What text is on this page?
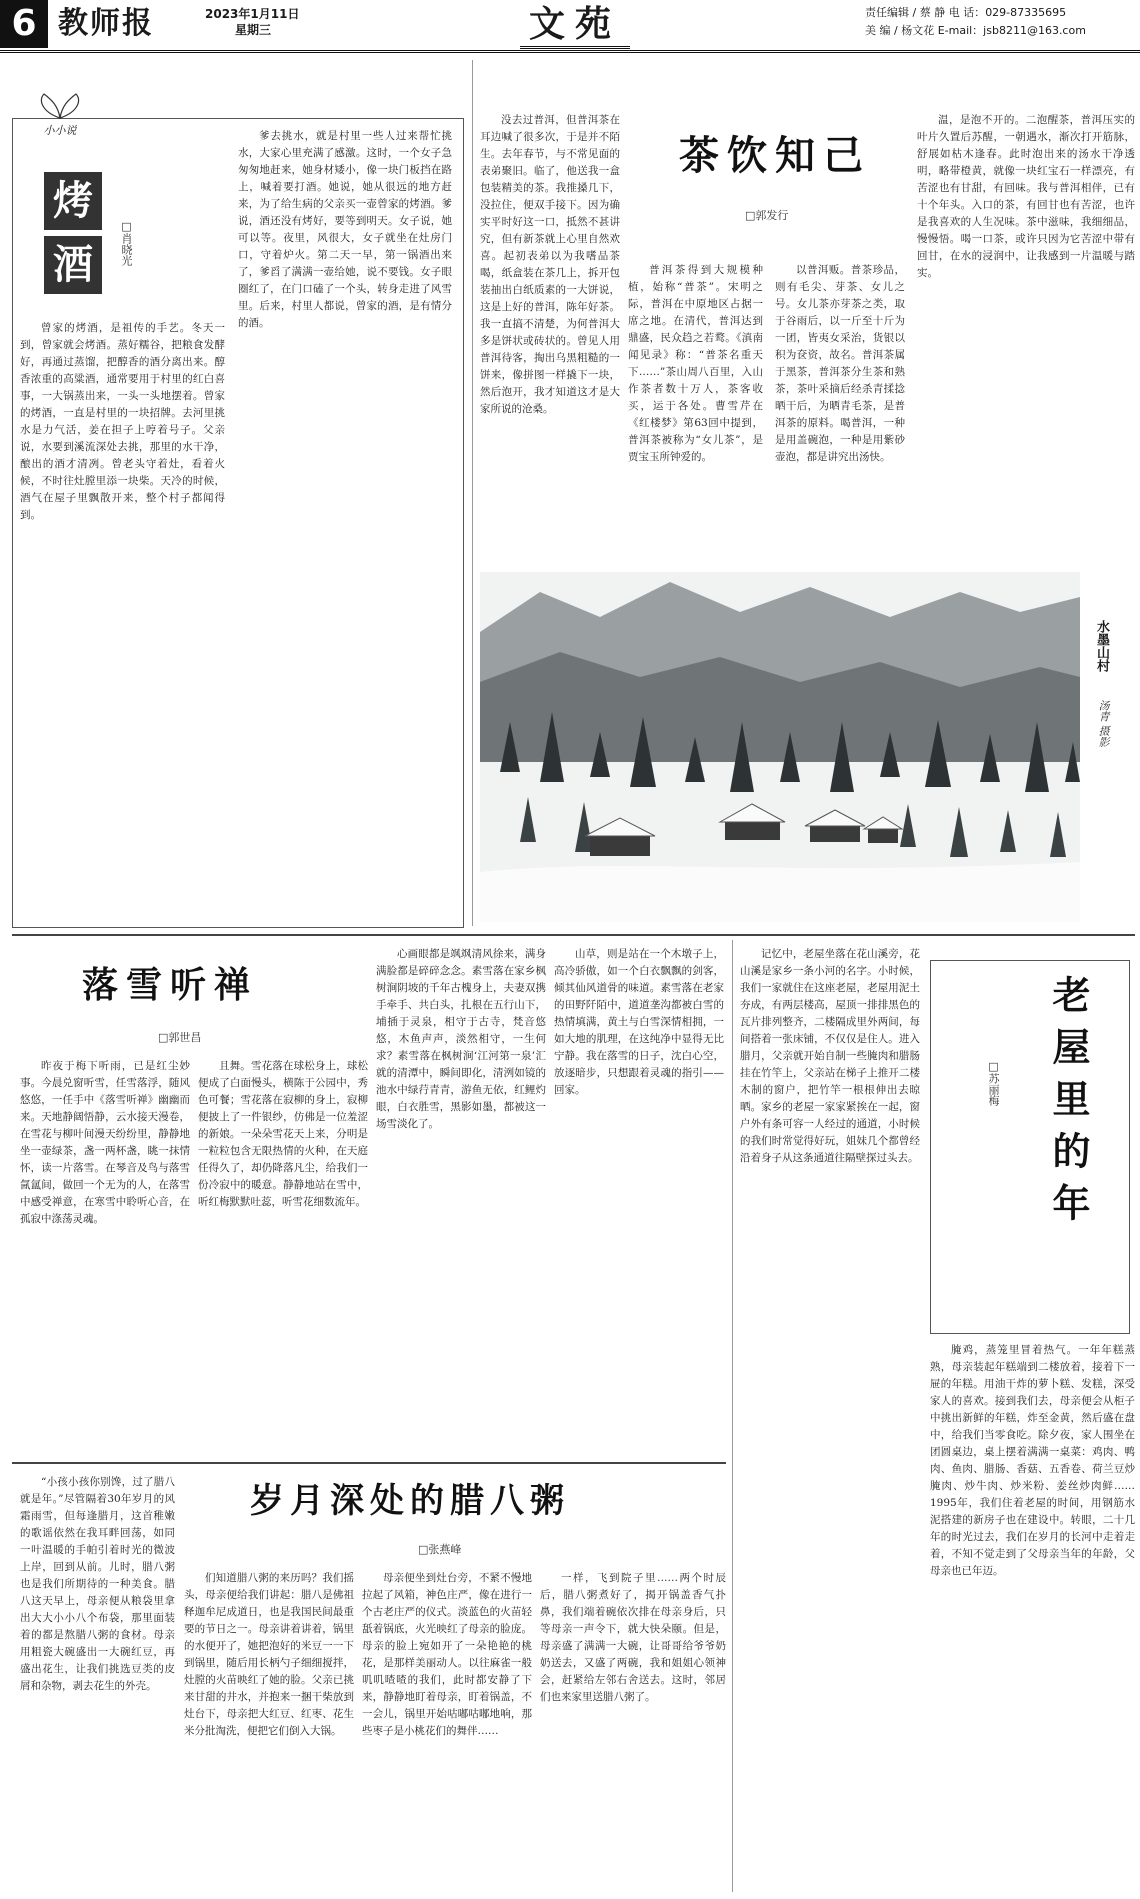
6 教师报	2023年1月11日
星期三	文苑	责任编辑 / 蔡 静 电 话：029-87335695
美 编 / 杨文花 E-mail：jsb8211@163.com
小小说
烤
酒	□肖晓光

曾家的烤酒，是祖传的手艺。冬天一到，曾家就会烤酒。蒸好糯谷，把粮食发酵好，再通过蒸馏，把醇香的酒分离出来。醇香浓重的高粱酒，通常要用于村里的红白喜事，一大锅蒸出来，一头一头地摆着。曾家的烤酒，一直是村里的一块招牌。去河里挑水是力气活，姜在担子上哼着号子。父亲说，水要到溪流深处去挑，那里的水干净，酿出的酒才清冽。曾老头守着灶，看着火候，不时往灶膛里添一块柴。天冷的时候，酒气在屋子里飘散开来，整个村子都闻得到。

爹去挑水，就是村里一些人过来帮忙挑水，大家心里充满了感激。这时，一个女子急匆匆地赶来，她身材矮小，像一块门板挡在路上，喊着要打酒。她说，她从很远的地方赶来，为了给生病的父亲买一壶曾家的烤酒。爹说，酒还没有烤好，要等到明天。女子说，她可以等。夜里，风很大，女子就坐在灶房门口，守着炉火。第二天一早，第一锅酒出来了，爹舀了满满一壶给她，说不要钱。女子眼圈红了，在门口磕了一个头，转身走进了风雪里。后来，村里人都说，曾家的酒，是有情分的酒。

没去过普洱，但普洱茶在耳边喊了很多次，于是并不陌生。去年春节，与不常见面的表弟聚旧。临了，他送我一盒包装精美的茶。我推搡几下，没拉住，便双手接下。因为确实平时好这一口，抵然不甚讲究，但有新茶就上心里自然欢喜。起初表弟以为我嗜品茶喝，纸盒装在茶几上，拆开包装抽出白纸质素的一大饼说，这是上好的普洱，陈年好茶。我一直搞不清楚，为何普洱大多是饼状或砖状的。曾见人用普洱待客，掏出乌黑粗糙的一饼来，像拼图一样撬下一块，然后泡开，我才知道这才是大家所说的沧桑。

茶饮知己
□郭发行

普洱茶得到大规模种植，始称“普茶”。宋明之际，普洱在中原地区占据一席之地。在清代，普洱达到鼎盛，民众趋之若鹜。《滇南闻见录》称：“普茶名重天下……”茶山周八百里，入山作茶者数十万人，茶客收买，运于各处。曹雪芹在《红楼梦》第63回中提到，普洱茶被称为“女儿茶”，是贾宝玉所钟爱的。

以普洱贩。普茶珍品，则有毛尖、芽茶、女儿之号。女儿茶亦芽茶之类，取于谷雨后，以一斤至十斤为一团，皆夷女采治，货银以积为奁资，故名。普洱茶属于黑茶，普洱茶分生茶和熟茶，茶叶采摘后经杀青揉捻晒干后，为晒青毛茶，是普洱茶的原料。喝普洱，一种是用盖碗泡，一种是用紫砂壶泡，都是讲究出汤快。

温，是泡不开的。二泡醒茶，普洱压实的叶片久置后苏醒，一朝遇水，渐次打开筋脉，舒展如枯木逢春。此时泡出来的汤水干净透明，略带橙黄，就像一块红宝石一样漂亮，有苦涩也有甘甜，有回味。我与普洱相伴，已有十个年头。入口的茶，有回甘也有苦涩，也许是我喜欢的人生况味。茶中滋味，我细细品，慢慢悟。喝一口茶，或许只因为它苦涩中带有回甘，在水的浸润中，让我感到一片温暖与踏实。

水墨山村
汤青 摄影
落雪听禅
□郭世昌

昨夜于梅下听雨，已是红尘妙事。今晨兑窗听雪，任雪落浮，随风悠悠，一任手中《落雪听禅》幽幽而来。天地静阔悟静，云水接天漫卷，在雪花与柳叶间漫天纷纷里，静静地坐一壶绿茶，盏一两杯盏，眺一抹情怀，读一片落雪。在琴音及鸟与落雪氤氲间，做回一个无为的人，在落雪中感受禅意，在寒雪中聆听心音，在孤寂中涤荡灵魂。

且舞。雪花落在球松身上，球松便成了白面慢头，横陈于公园中，秀色可餐；雪花落在寂柳的身上，寂柳便披上了一件银纱，仿佛是一位羞涩的新娘。一朵朵雪花天上来，分明是一粒粒包含无限热情的火种，在天庭任得久了，却仍降落凡尘，给我们一份冷寂中的暖意。静静地站在雪中，听红梅默默吐蕊，听雪花细数流年。

心画眼都是飒飒清风徐来，满身满脸都是碎碎念念。素雪落在家乡枫树涧阴坡的千年古槐身上，夫妻双携手牵手、共白头，扎根在五行山下，埔插于灵泉，相守于古寺，梵音悠悠，木鱼声声，淡然相守，一生何求？素雪落在枫树涧‘江河第一泉’汇就的清潭中，瞬间即化，清洌如镜的池水中绿荇青青，游鱼无依，红鲤灼眼，白衣胜雪，黑影如墨，都被这一场雪淡化了。

山草，则是站在一个木墩子上，高冷骄傲，如一个白衣飘飘的剑客，倾其仙风道骨的味道。素雪落在老家的田野阡陌中，道道垄沟都被白雪的热情填满，黄土与白雪深情相拥，一如大地的肌理，在这纯净中显得无比宁静。我在落雪的日子，沈白心空，放逐暗步，只想跟着灵魂的指引——回家。

岁月深处的腊八粥
□张燕峰

“小孩小孩你别馋，过了腊八就是年。”尽管隔着30年岁月的风霜雨雪，但每逢腊月，这首稚嫩的歌谣依然在我耳畔回荡，如同一叶温暖的手帕引着时光的微波上岸，回到从前。儿时，腊八粥也是我们所期待的一种美食。腊八这天早上，母亲便从粮袋里拿出大大小小八个布袋，那里面装着的都是熬腊八粥的食材。母亲用粗瓷大碗盛出一大碗红豆，再盛出花生，让我们挑选豆类的皮屑和杂物，剥去花生的外壳。

们知道腊八粥的来历吗？我们摇头，母亲便给我们讲起：腊八是佛祖释迦牟尼成道日，也是我国民间最重要的节日之一。母亲讲着讲着，锅里的水便开了，她把泡好的米豆一一下到锅里，随后用长柄勺子细细搅拌，灶膛的火苗映红了她的脸。父亲已挑来甘甜的井水，并抱来一捆干柴放到灶台下，母亲把大红豆、红枣、花生米分批淘洗，便把它们倒入大锅。

母亲便坐到灶台旁，不紧不慢地拉起了风箱，神色庄严，像在进行一个古老庄严的仪式。淡蓝色的火苗轻舐着锅底，火光映红了母亲的脸庞。母亲的脸上宛如开了一朵艳艳的桃花，是那样美丽动人。以往麻雀一般叽叽喳喳的我们，此时都安静了下来，静静地盯着母亲，盯着锅盖，不一会儿，锅里开始咕嘟咕嘟地响，那些枣子是小桃花们的舞伴……

一样，飞到院子里……两个时辰后，腊八粥煮好了，揭开锅盖香气扑鼻，我们端着碗依次排在母亲身后，只等母亲一声令下，就大快朵颐。但是，母亲盛了满满一大碗，让哥哥给爷爷奶奶送去，又盛了两碗，我和姐姐心领神会，赶紧给左邻右舍送去。这时，邻居们也来家里送腊八粥了。

记忆中，老屋坐落在花山溪旁，花山溪是家乡一条小河的名字。小时候，我们一家就住在这座老屋，老屋用泥土夯成，有两层楼高，屋顶一排排黑色的瓦片排列整齐，二楼隔成里外两间，每间搭着一张床铺，不仅仅是住人。进入腊月，父亲就开始自制一些腌肉和腊肠挂在竹竿上，父亲站在梯子上推开二楼木制的窗户，把竹竿一根根伸出去晾晒。家乡的老屋一家家紧挨在一起，窗户外有条可容一人经过的通道，小时候的我们时常觉得好玩，姐妹几个都曾经沿着身子从这条通道往隔壁探过头去。	老屋里的年
□苏丽梅

腌鸡，蒸笼里冒着热气。一年年糕蒸熟，母亲装起年糕端到二楼放着，接着下一屉的年糕。用油干炸的萝卜糕、发糕，深受家人的喜欢。接到我们去，母亲便会从柜子中挑出新鲜的年糕，炸至金黄，然后盛在盘中，给我们当零食吃。除夕夜，家人围坐在团圆桌边，桌上摆着满满一桌菜：鸡肉、鸭肉、鱼肉、腊肠、香菇、五香卷、荷兰豆炒腌肉、炒牛肉、炒米粉、姜丝炒肉鲜……1995年，我们住着老屋的时间，用钢筋水泥搭建的新房子也在建设中。转眼，二十几年的时光过去，我们在岁月的长河中走着走着，不知不觉走到了父母亲当年的年龄，父母亲也已年迈。
